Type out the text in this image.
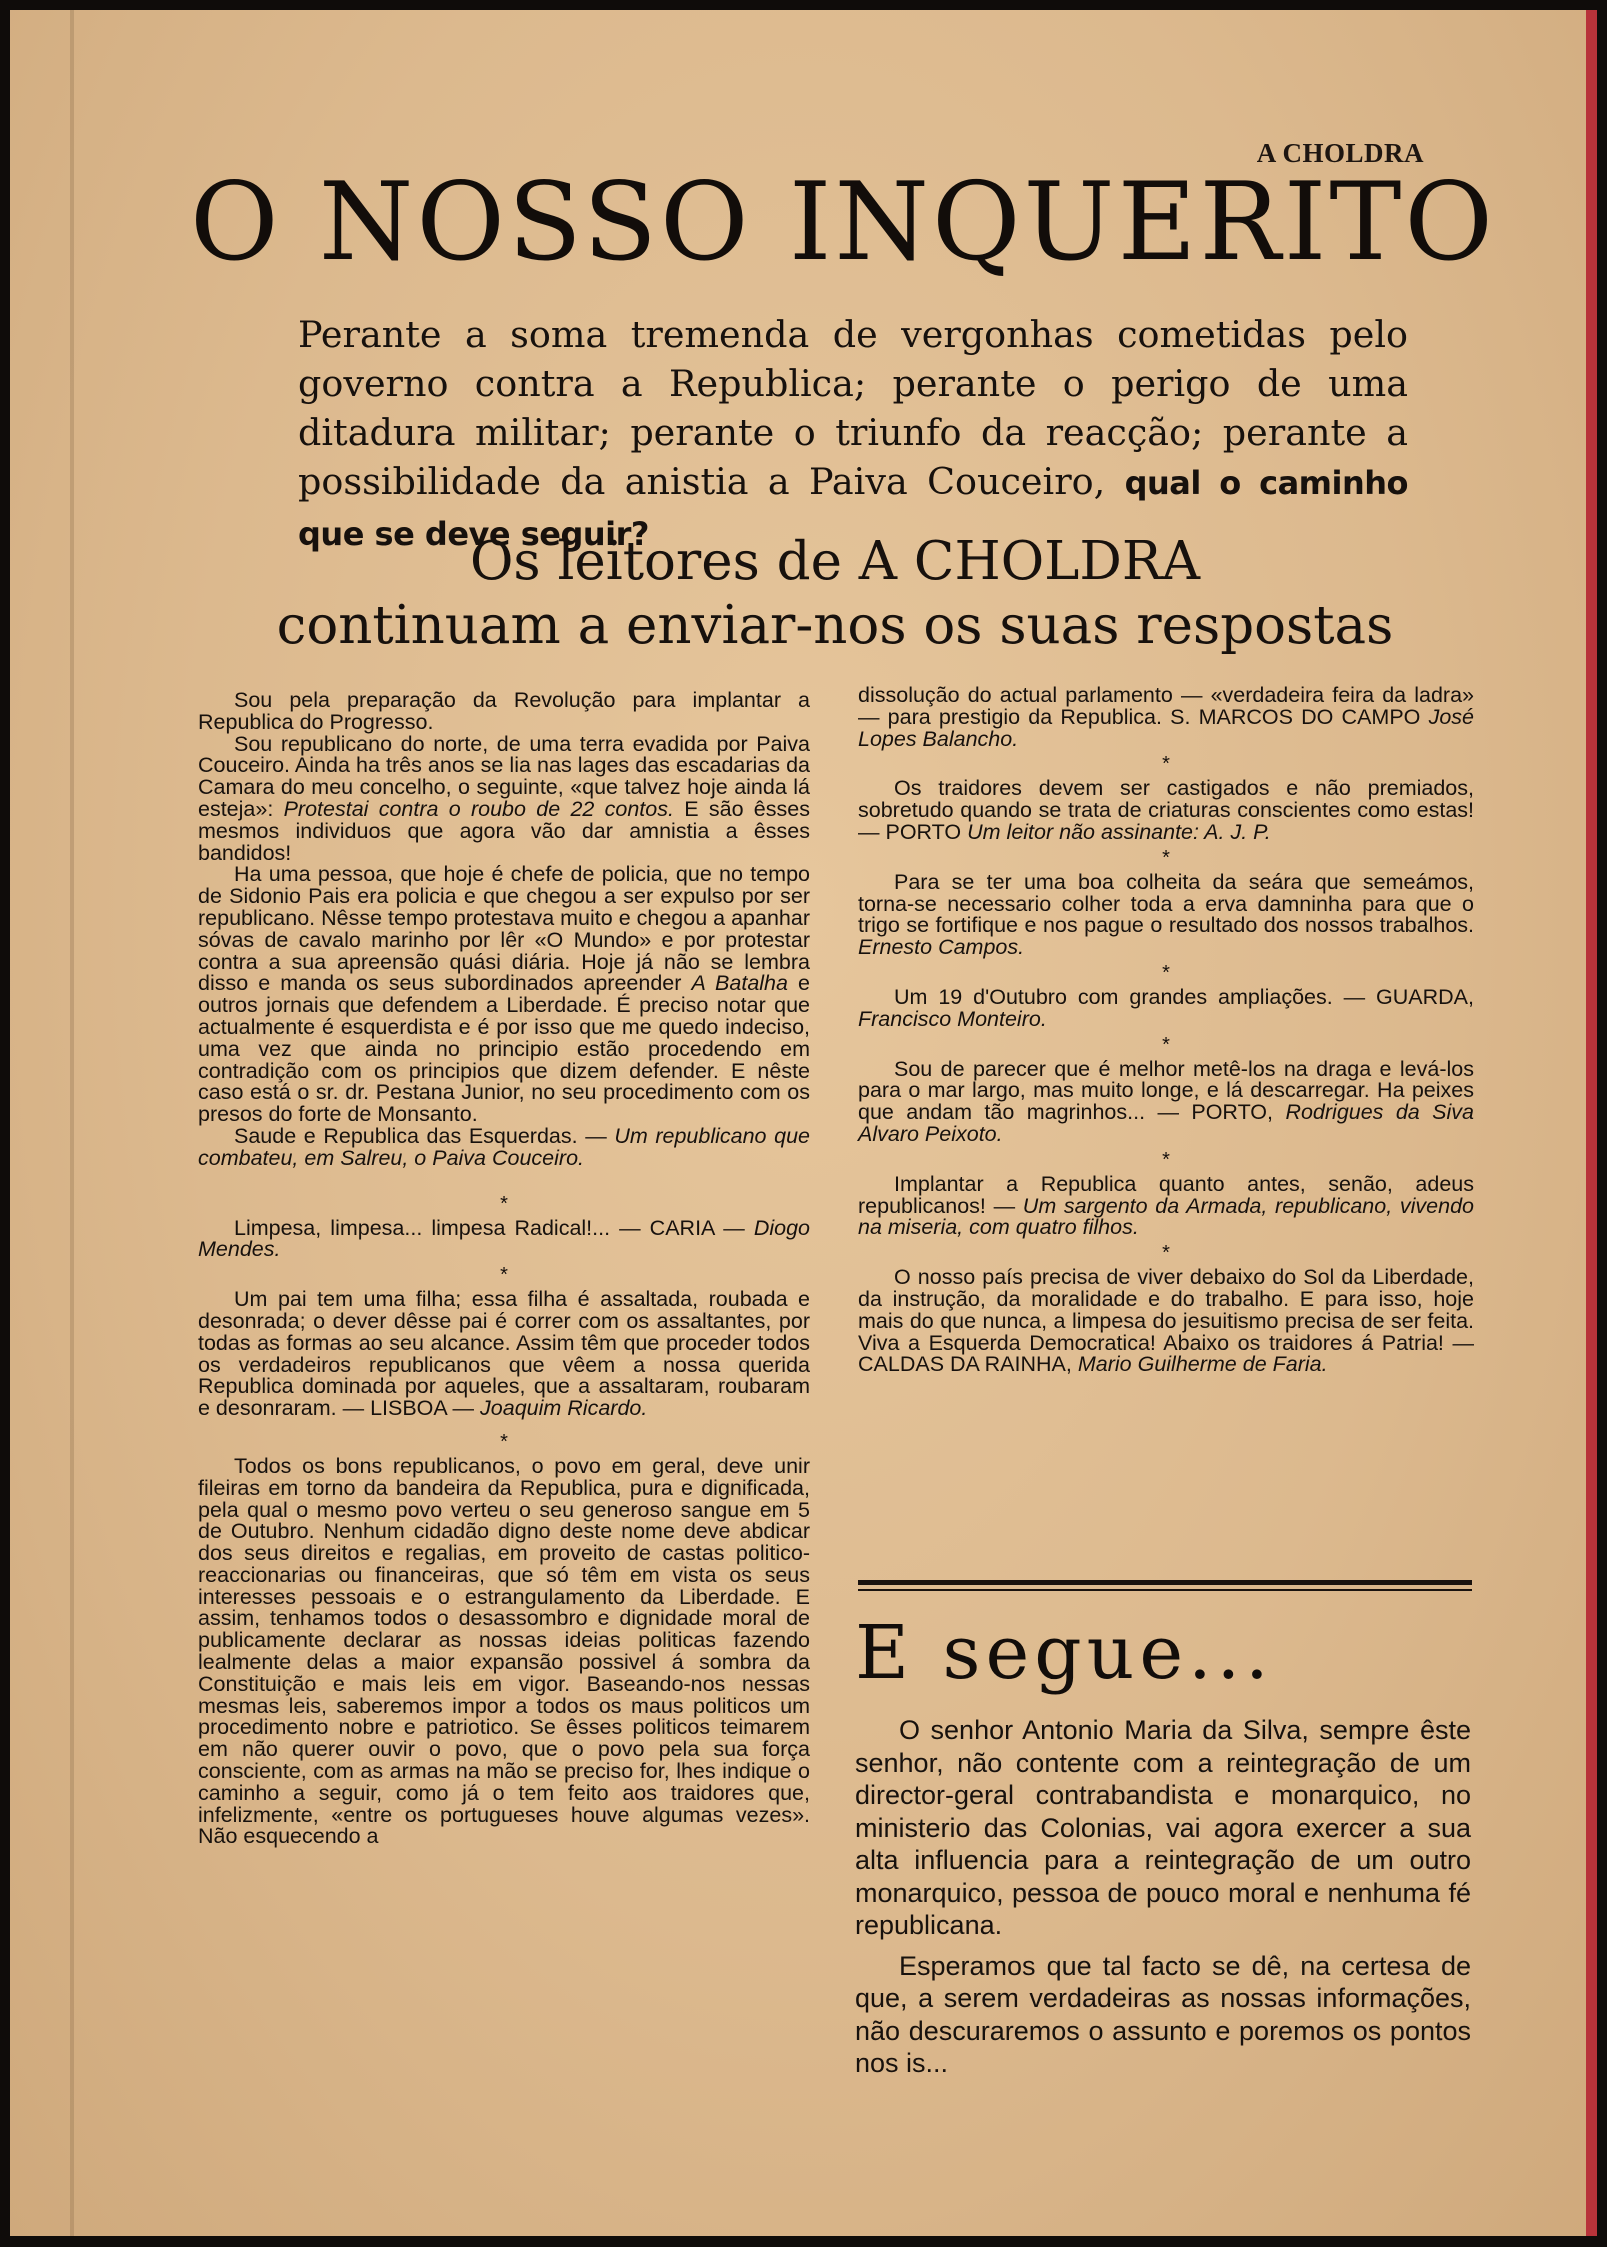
A CHOLDRA
O NOSSO INQUERITO
Perante a soma tremenda de vergonhas cometidas pelo governo contra a Republica; perante o perigo de uma ditadura militar; perante o triunfo da reacção; perante a possibilidade da anistia a Paiva Couceiro, qual o caminho que se deve seguir?
Os leitores de A CHOLDRA
continuam a enviar-nos os suas respostas

Sou pela preparação da Revolução para implantar a Republica do Progresso.

Sou republicano do norte, de uma terra evadida por Paiva Couceiro. Ainda ha três anos se lia nas lages das escadarias da Camara do meu concelho, o seguinte, «que talvez hoje ainda lá esteja»: Protestai contra o roubo de 22 contos. E são êsses mesmos individuos que agora vão dar amnistia a êsses bandidos!

Ha uma pessoa, que hoje é chefe de policia, que no tempo de Sidonio Pais era policia e que chegou a ser expulso por ser republicano. Nêsse tempo protestava muito e chegou a apanhar sóvas de cavalo marinho por lêr «O Mundo» e por protestar contra a sua apreensão quási diária. Hoje já não se lembra disso e manda os seus subordinados apreender A Batalha e outros jornais que defendem a Liberdade. É preciso notar que actualmente é esquerdista e é por isso que me quedo indeciso, uma vez que ainda no principio estão procedendo em contradição com os principios que dizem defender. E nêste caso está o sr. dr. Pestana Junior, no seu procedimento com os presos do forte de Monsanto.

Saude e Republica das Esquerdas. — Um republicano que combateu, em Salreu, o Paiva Couceiro.

*

Limpesa, limpesa... limpesa Radical!... — CARIA — Diogo Mendes.

*

Um pai tem uma filha; essa filha é assaltada, roubada e desonrada; o dever dêsse pai é correr com os assaltantes, por todas as formas ao seu alcance. Assim têm que proceder todos os verdadeiros republicanos que vêem a nossa querida Republica dominada por aqueles, que a assaltaram, roubaram e desonraram. — LISBOA — Joaquim Ricardo.

*

Todos os bons republicanos, o povo em geral, deve unir fileiras em torno da bandeira da Republica, pura e dignificada, pela qual o mesmo povo verteu o seu generoso sangue em 5 de Outubro. Nenhum cidadão digno deste nome deve abdicar dos seus direitos e regalias, em proveito de castas politico- reaccionarias ou financeiras, que só têm em vista os seus interesses pessoais e o estrangulamento da Liberdade. E assim, tenhamos todos o desassombro e dignidade moral de publicamente declarar as nossas ideias politicas fazendo lealmente delas a maior expansão possivel á sombra da Constituição e mais leis em vigor. Baseando-nos nessas mesmas leis, saberemos impor a todos os maus politicos um procedimento nobre e patriotico. Se êsses politicos teimarem em não querer ouvir o povo, que o povo pela sua força consciente, com as armas na mão se preciso for, lhes indique o caminho a seguir, como já o tem feito aos traidores que, infelizmente, «entre os portugueses houve algumas vezes». Não esquecendo a

dissolução do actual parlamento — «verdadeira feira da ladra» — para prestigio da Republica. S. MARCOS DO CAMPO José Lopes Balancho.

*

Os traidores devem ser castigados e não premiados, sobretudo quando se trata de criaturas conscientes como estas! — PORTO Um leitor não assinante: A. J. P.

*

Para se ter uma boa colheita da seára que semeámos, torna-se necessario colher toda a erva damninha para que o trigo se fortifique e nos pague o resultado dos nossos trabalhos. Ernesto Campos.

*

Um 19 d'Outubro com grandes ampliações. — GUARDA, Francisco Monteiro.

*

Sou de parecer que é melhor metê-los na draga e levá-los para o mar largo, mas muito longe, e lá descarregar. Ha peixes que andam tão magrinhos... — PORTO, Rodrigues da Siva Alvaro Peixoto.

*

Implantar a Republica quanto antes, senão, adeus republicanos! — Um sargento da Armada, republicano, vivendo na miseria, com quatro filhos.

*

O nosso país precisa de viver debaixo do Sol da Liberdade, da instrução, da moralidade e do trabalho. E para isso, hoje mais do que nunca, a limpesa do jesuitismo precisa de ser feita. Viva a Esquerda Democratica! Abaixo os traidores á Patria! — CALDAS DA RAINHA, Mario Guilherme de Faria.

E segue...

O senhor Antonio Maria da Silva, sempre êste senhor, não contente com a reintegração de um director-geral contrabandista e monarquico, no ministerio das Colonias, vai agora exercer a sua alta influencia para a reintegração de um outro monarquico, pessoa de pouco moral e nenhuma fé republicana.

Esperamos que tal facto se dê, na certesa de que, a serem verdadeiras as nossas informações, não descuraremos o assunto e poremos os pontos nos is...
